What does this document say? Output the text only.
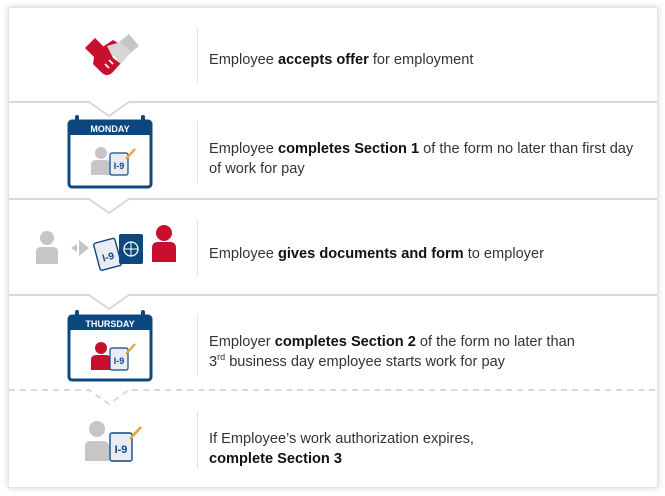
Employee accepts offer for employment
MONDAY
I-9
Employee completes Section 1 of the form no later than first day of work for pay
I-9	Employee gives documents and form to employer
THURSDAY
I-9
Employer completes Section 2 of the form no later than
3rd business day employee starts work for pay
I-9
If Employee’s work authorization expires,
complete Section 3
